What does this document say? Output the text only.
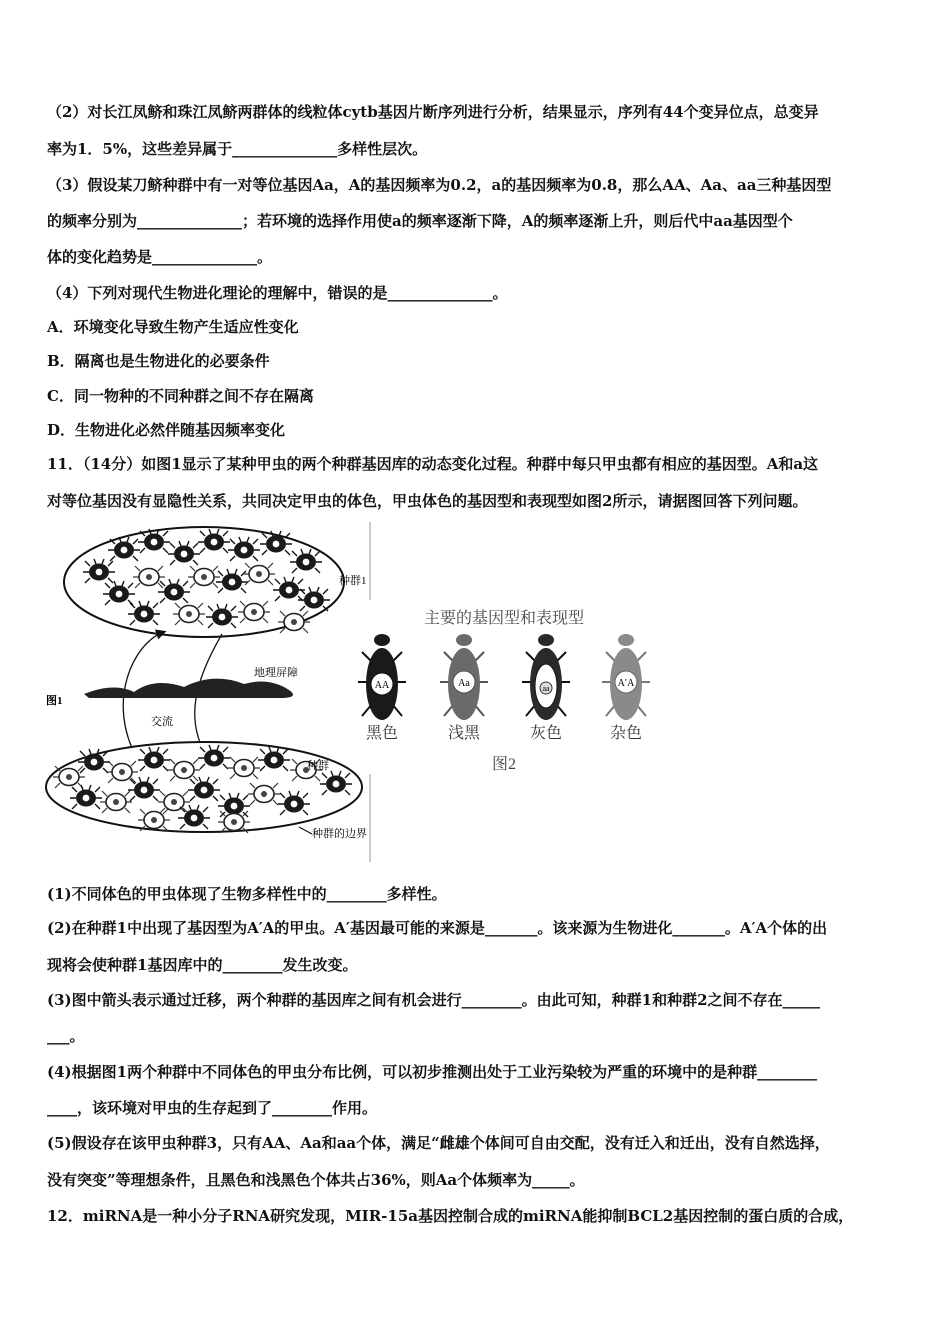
（2）对长江凤鲚和珠江凤鲚两群体的线粒体cytb基因片断序列进行分析，结果显示，序列有44个变异位点，总变异
率为1．5%，这些差异属于______________多样性层次。
（3）假设某刀鲚种群中有一对等位基因Aa，A的基因频率为0.2，a的基因频率为0.8，那么AA、Aa、aa三种基因型
的频率分别为______________；若环境的选择作用使a的频率逐渐下降，A的频率逐渐上升，则后代中aa基因型个
体的变化趋势是______________。
（4）下列对现代生物进化理论的理解中，错误的是______________。
A．环境变化导致生物产生适应性变化
B．隔离也是生物进化的必要条件
C．同一物种的不同种群之间不存在隔离
D．生物进化必然伴随基因频率变化
11．（14分）如图1显示了某种甲虫的两个种群基因库的动态变化过程。种群中每只甲虫都有相应的基因型。A和a这
对等位基因没有显隐性关系，共同决定甲虫的体色，甲虫体色的基因型和表现型如图2所示，请据图回答下列问题。
(1)不同体色的甲虫体现了生物多样性中的________多样性。
(2)在种群1中出现了基因型为A′A的甲虫。A′基因最可能的来源是_______。该来源为生物进化_______。A′A个体的出
现将会使种群1基因库中的________发生改变。
(3)图中箭头表示通过迁移，两个种群的基因库之间有机会进行________。由此可知，种群1和种群2之间不存在_____
___。
(4)根据图1两个种群中不同体色的甲虫分布比例，可以初步推测出处于工业污染较为严重的环境中的是种群________
____，该环境对甲虫的生存起到了________作用。
(5)假设存在该甲虫种群3，只有AA、Aa和aa个体，满足“雌雄个体间可自由交配，没有迁入和迁出，没有自然选择，
没有突变”等理想条件，且黑色和浅黑色个体共占36%，则Aa个体频率为_____。
12．miRNA是一种小分子RNA研究发现，MIR-15a基因控制合成的miRNA能抑制BCL2基因控制的蛋白质的合成，
种群1
地理屏障
交流
图1
种群
种群的边界
主要的基因型和表现型
AA
黑色
Aa
浅黑
aa
灰色
A′A
杂色
图2
